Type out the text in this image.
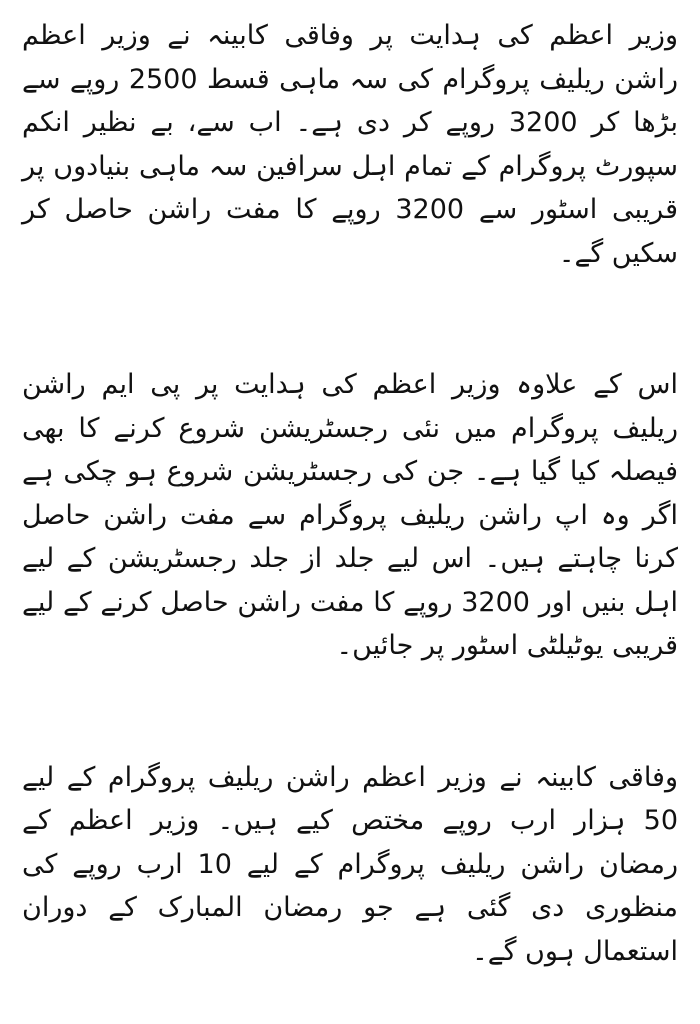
وزیر اعظم کی ہدایت پر وفاقی کابینہ نے وزیر اعظم راشن ریلیف پروگرام کی سہ ماہی قسط 2500 روپے سے بڑھا کر 3200 روپے کر دی ہے۔ اب سے، بے نظیر انکم سپورٹ پروگرام کے تمام اہل سرافین سہ ماہی بنیادوں پر قریبی اسٹور سے 3200 روپے کا مفت راشن حاصل کر سکیں گے۔

اس کے علاوہ وزیر اعظم کی ہدایت پر پی ایم راشن ریلیف پروگرام میں نئی رجسٹریشن شروع کرنے کا بھی فیصلہ کیا گیا ہے۔ جن کی رجسٹریشن شروع ہو چکی ہے اگر وہ اپ راشن ریلیف پروگرام سے مفت راشن حاصل کرنا چاہتے ہیں۔ اس لیے جلد از جلد رجسٹریشن کے لیے اہل بنیں اور 3200 روپے کا مفت راشن حاصل کرنے کے لیے قریبی یوٹیلٹی اسٹور پر جائیں۔

وفاقی کابینہ نے وزیر اعظم راشن ریلیف پروگرام کے لیے 50 ہزار ارب روپے مختص کیے ہیں۔ وزیر اعظم کے رمضان راشن ریلیف پروگرام کے لیے 10 ارب روپے کی منظوری دی گئی ہے جو رمضان المبارک کے دوران استعمال ہوں گے۔
